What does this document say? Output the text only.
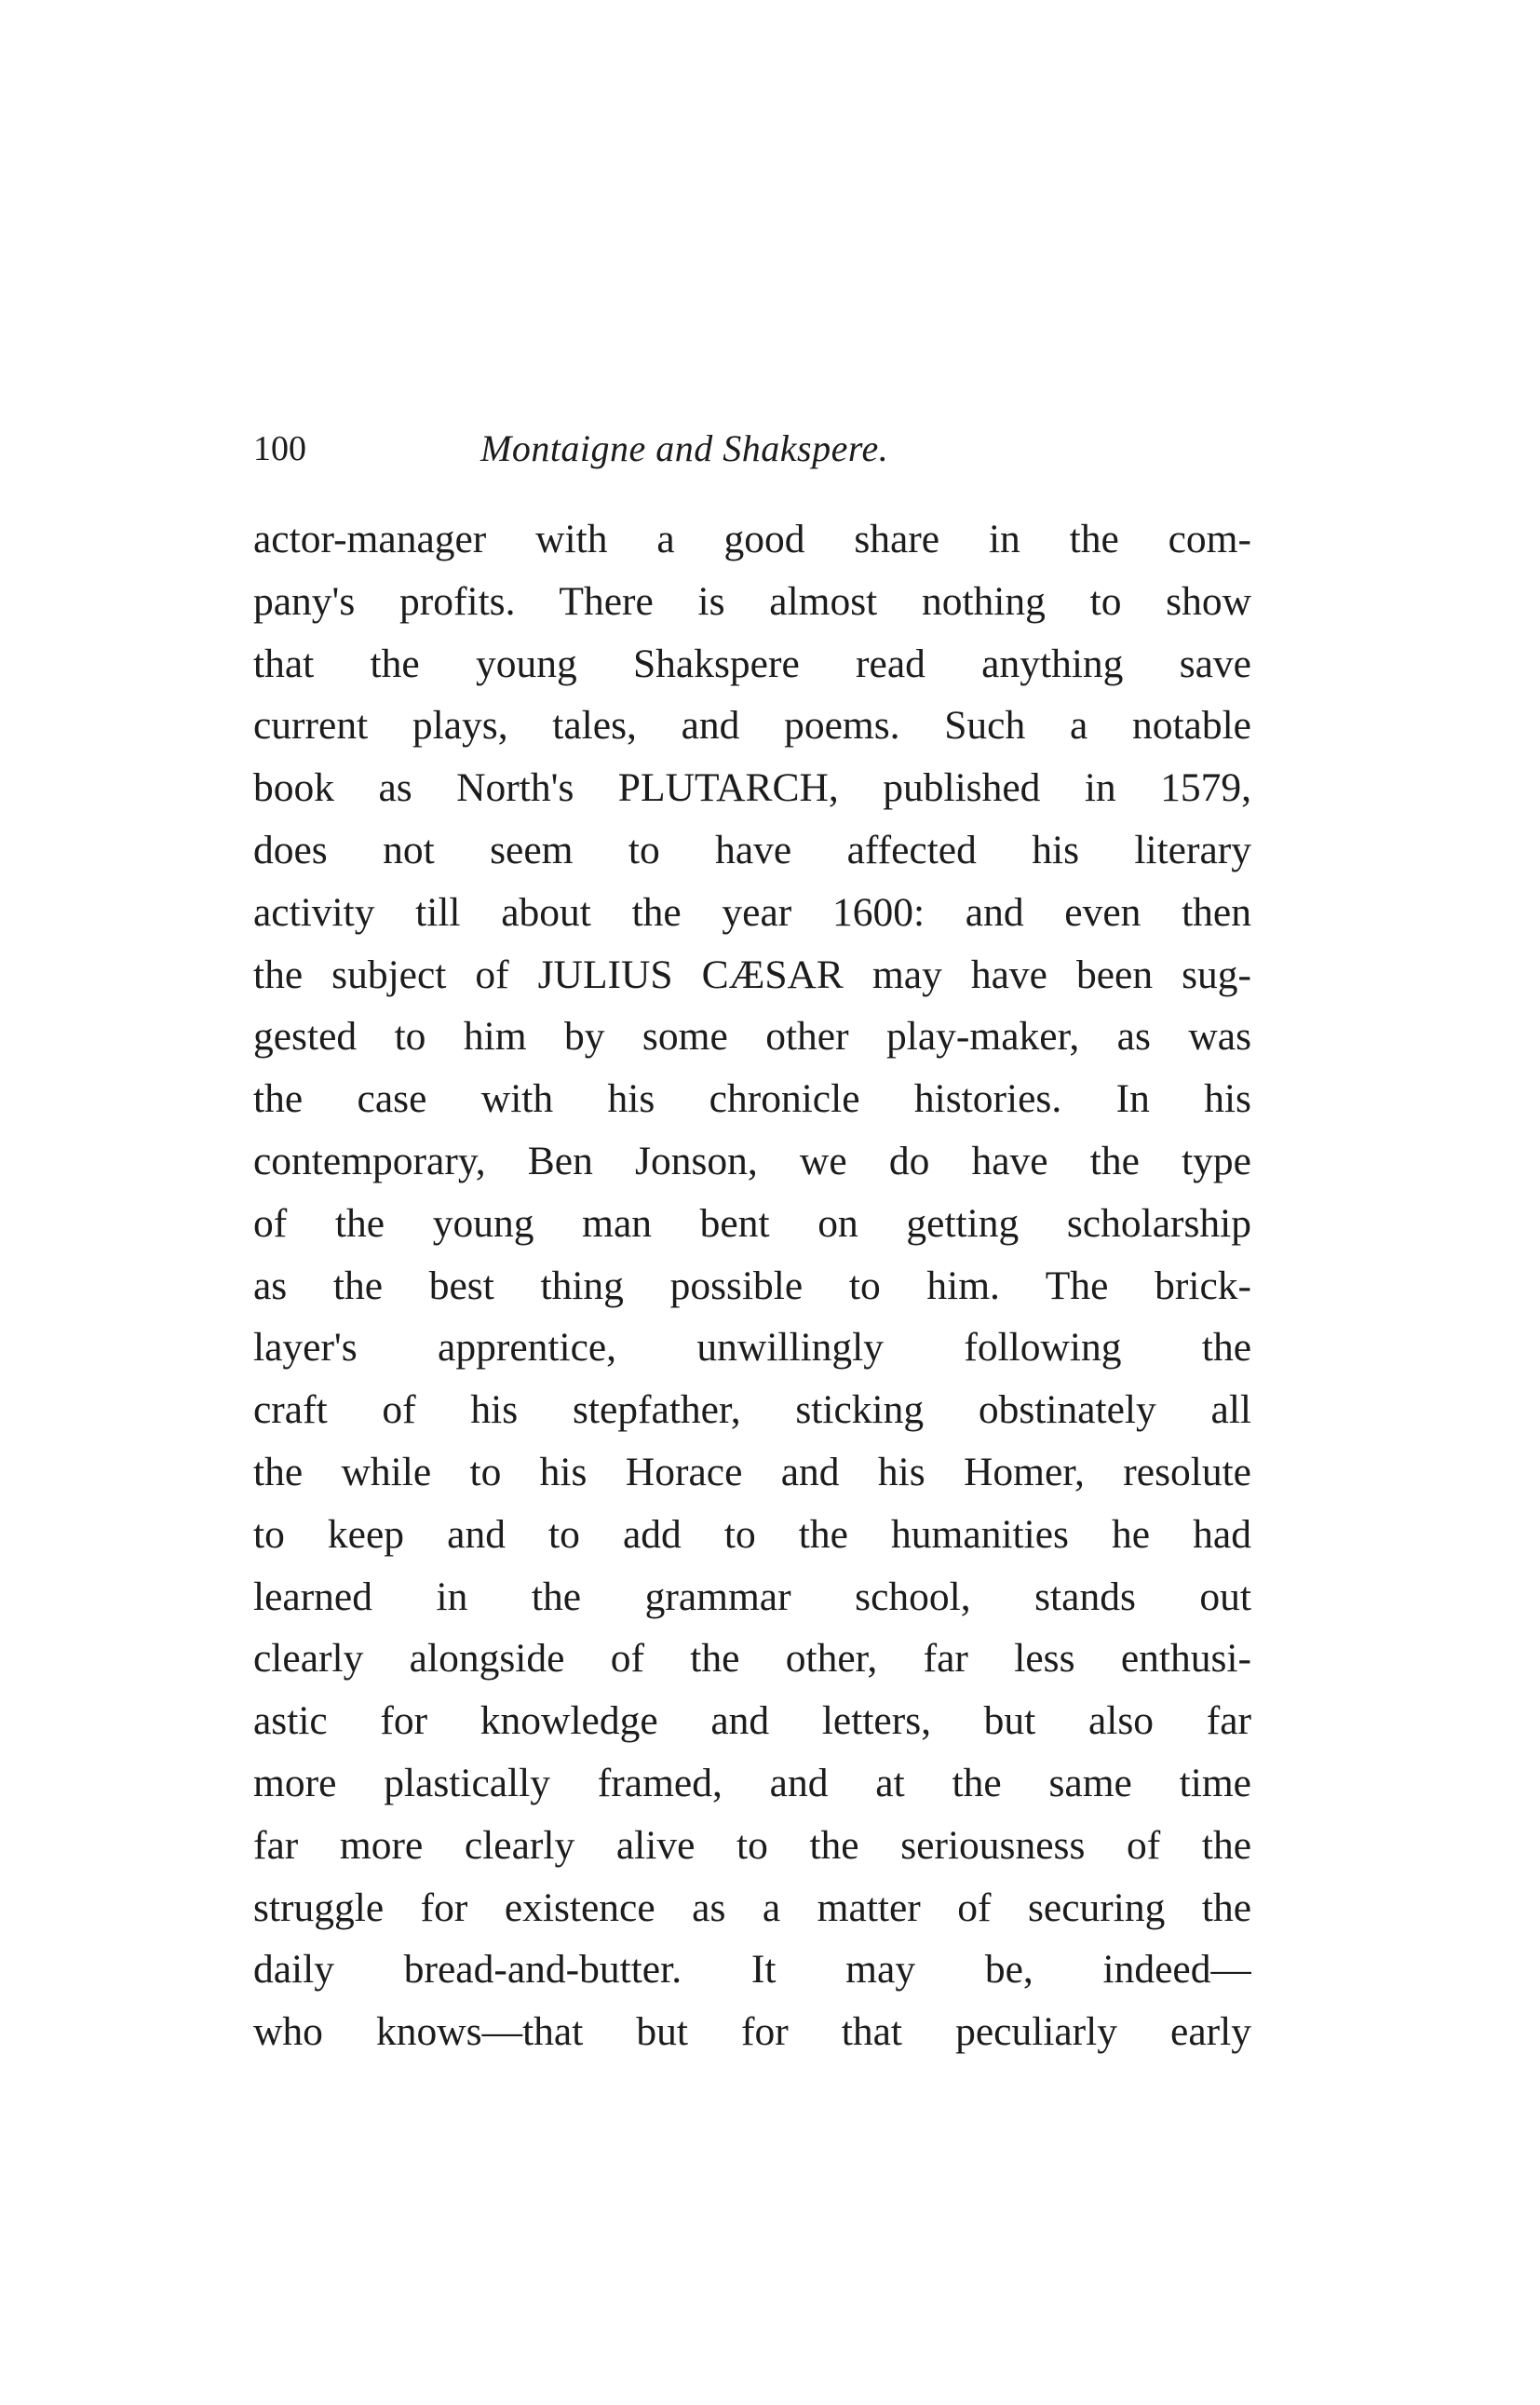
100	Montaigne and Shakspere.
actor-manager with a good share in the com-
pany's profits. There is almost nothing to show
that the young Shakspere read anything save
current plays, tales, and poems. Such a notable
book as North's PLUTARCH, published in 1579,
does not seem to have affected his literary
activity till about the year 1600: and even then
the subject of JULIUS CÆSAR may have been sug-
gested to him by some other play-maker, as was
the case with his chronicle histories. In his
contemporary, Ben Jonson, we do have the type
of the young man bent on getting scholarship
as the best thing possible to him. The brick-
layer's apprentice, unwillingly following the
craft of his stepfather, sticking obstinately all
the while to his Horace and his Homer, resolute
to keep and to add to the humanities he had
learned in the grammar school, stands out
clearly alongside of the other, far less enthusi-
astic for knowledge and letters, but also far
more plastically framed, and at the same time
far more clearly alive to the seriousness of the
struggle for existence as a matter of securing the
daily bread-and-butter. It may be, indeed—
who knows—that but for that peculiarly early
